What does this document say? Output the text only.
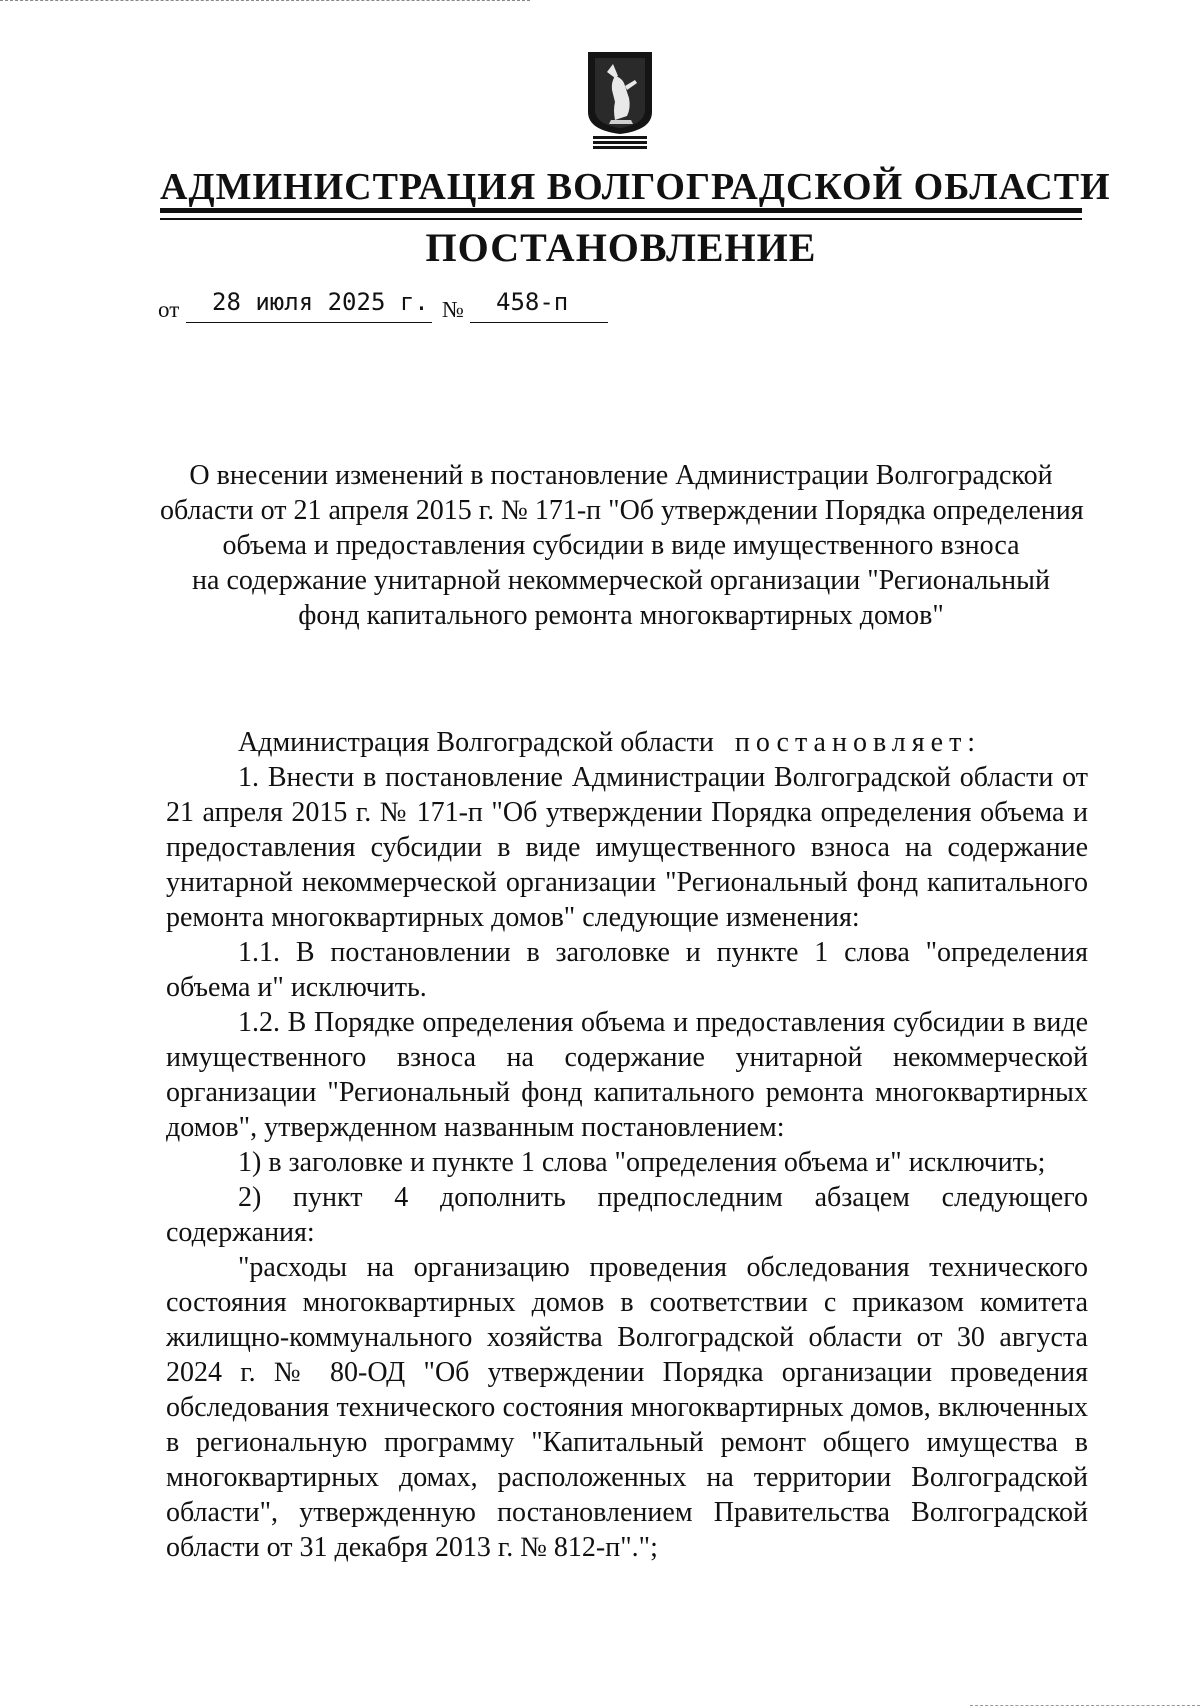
АДМИНИСТРАЦИЯ ВОЛГОГРАДСКОЙ ОБЛАСТИ
ПОСТАНОВЛЕНИЕ
от 28 июля 2025 г. № 458-п

О внесении изменений в постановление Администрации Волгоградской

области от 21 апреля 2015 г. № 171-п "Об утверждении Порядка определения

объема и предоставления субсидии в виде имущественного взноса

на содержание унитарной некоммерческой организации "Региональный

фонд капитального ремонта многоквартирных домов"

Администрация Волгоградской области постановляет:

1. Внести в постановление Администрации Волгоградской области от 21 апреля 2015 г. № 171-п "Об утверждении Порядка определения объема и предоставления субсидии в виде имущественного взноса на содержание унитарной некоммерческой организации "Региональный фонд капитального ремонта многоквартирных домов" следующие изменения:

1.1. В постановлении в заголовке и пункте 1 слова "определения объема и" исключить.

1.2. В Порядке определения объема и предоставления субсидии в виде имущественного взноса на содержание унитарной некоммерческой организации "Региональный фонд капитального ремонта многоквартирных домов", утвержденном названным постановлением:

1) в заголовке и пункте 1 слова "определения объема и" исключить;

2) пункт 4 дополнить предпоследним абзацем следующего содержания:

"расходы на организацию проведения обследования технического состояния многоквартирных домов в соответствии с приказом комитета жилищно-коммунального хозяйства Волгоградской области от 30 августа 2024 г. № 80-ОД "Об утверждении Порядка организации проведения обследования технического состояния многоквартирных домов, включенных в региональную программу "Капитальный ремонт общего имущества в многоквартирных домах, расположенных на территории Волгоградской области", утвержденную постановлением Правительства Волгоградской области от 31 декабря 2013 г. № 812-п".";
